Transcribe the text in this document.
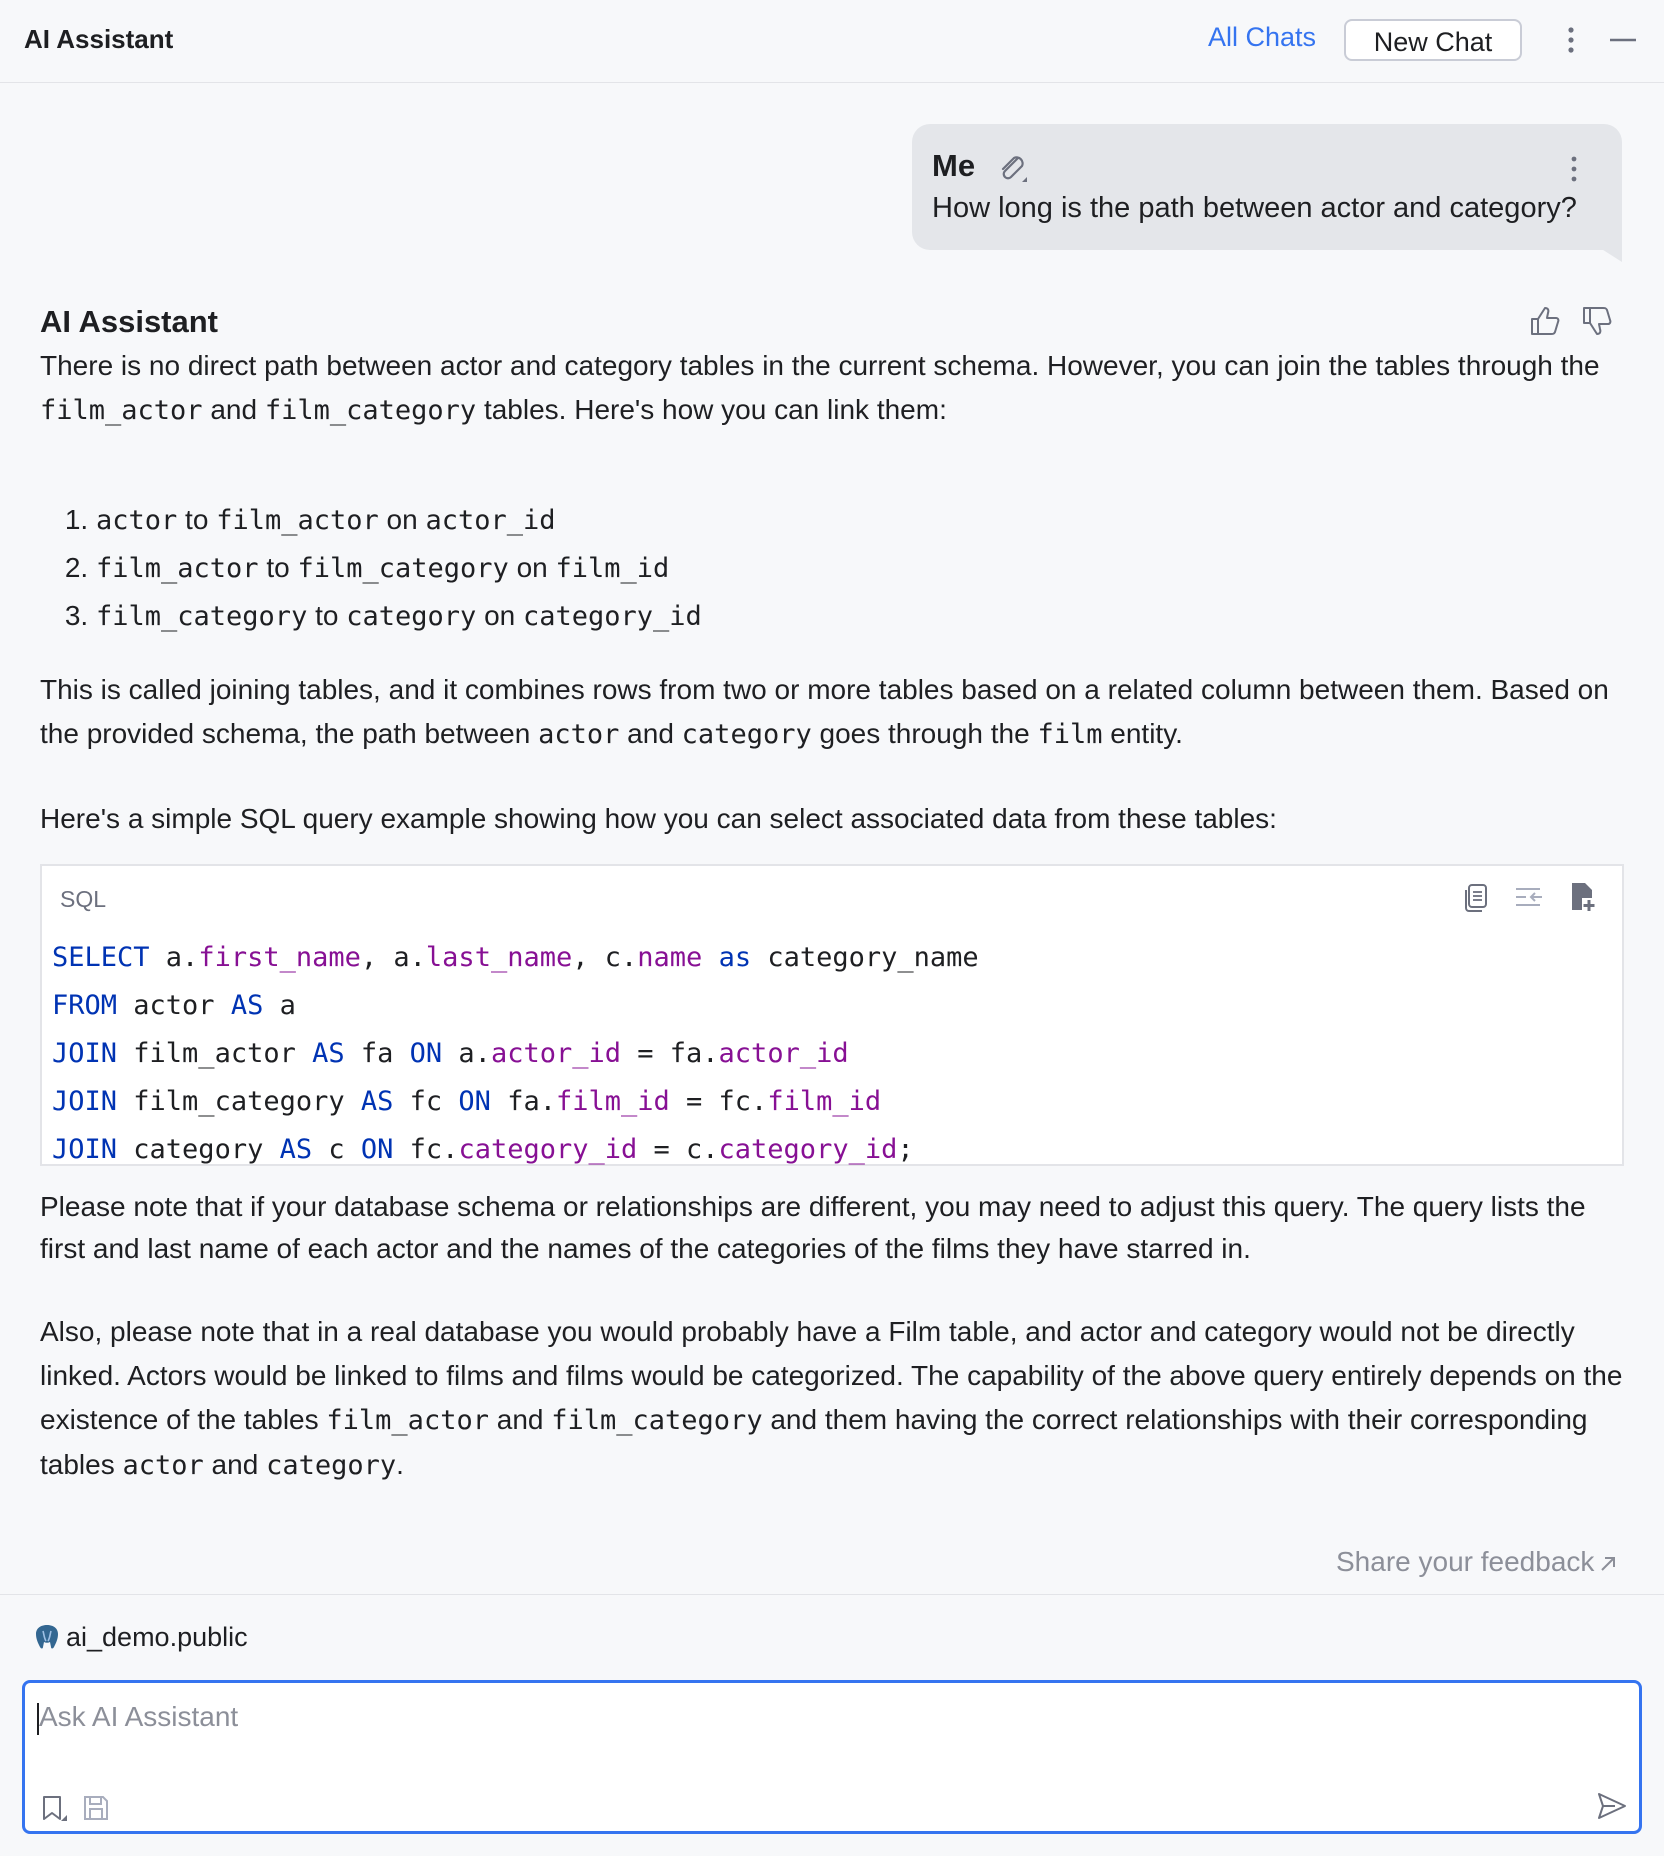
AI Assistant	All Chats	New Chat
Me
How long is the path between actor and category?
AI Assistant
There is no direct path between actor and category tables in the current schema. However, you can join the tables through the film_actor and film_category tables. Here's how you can link them:
1. actor to film_actor on actor_id
2. film_actor to film_category on film_id
3. film_category to category on category_id
This is called joining tables, and it combines rows from two or more tables based on a related column between them. Based on the provided schema, the path between actor and category goes through the film entity.
Here's a simple SQL query example showing how you can select associated data from these tables:
SQL
SELECT a.first_name, a.last_name, c.name as category_name
FROM actor AS a
JOIN film_actor AS fa ON a.actor_id = fa.actor_id
JOIN film_category AS fc ON fa.film_id = fc.film_id
JOIN category AS c ON fc.category_id = c.category_id;
Please note that if your database schema or relationships are different, you may need to adjust this query. The query lists the first and last name of each actor and the names of the categories of the films they have starred in.
Also, please note that in a real database you would probably have a Film table, and actor and category would not be directly linked. Actors would be linked to films and films would be categorized. The capability of the above query entirely depends on the existence of the tables film_actor and film_category and them having the correct relationships with their corresponding tables actor and category.
Share your feedback
ai_demo.public
Ask AI Assistant
